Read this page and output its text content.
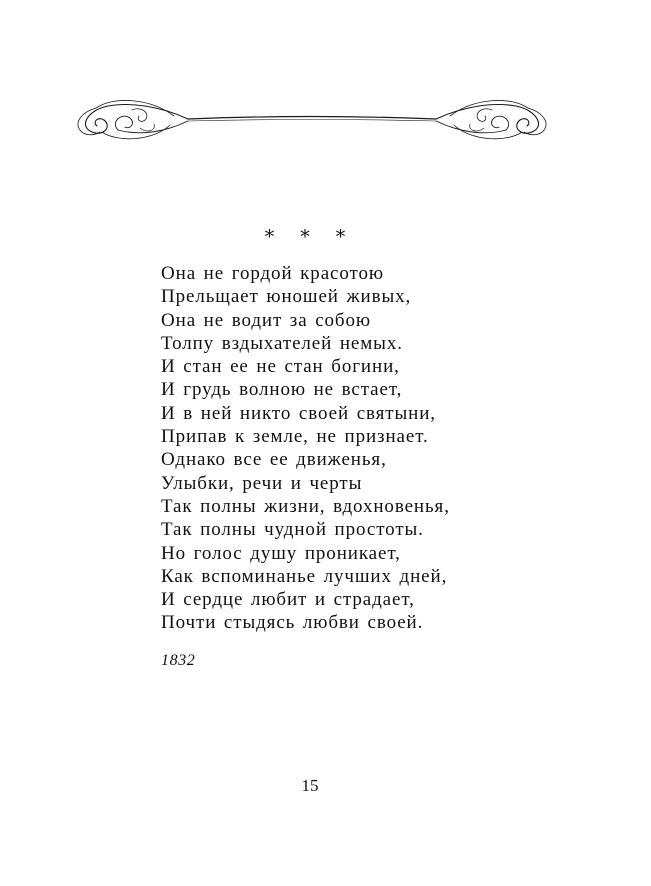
* * *
Она не гордой красотою
Прельщает юношей живых,
Она не водит за собою
Толпу вздыхателей немых.
И стан ее не стан богини,
И грудь волною не встает,
И в ней никто своей святыни,
Припав к земле, не признает.
Однако все ее движенья,
Улыбки, речи и черты
Так полны жизни, вдохновенья,
Так полны чудной простоты.
Но голос душу проникает,
Как вспоминанье лучших дней,
И сердце любит и страдает,
Почти стыдясь любви своей.
1832
15
